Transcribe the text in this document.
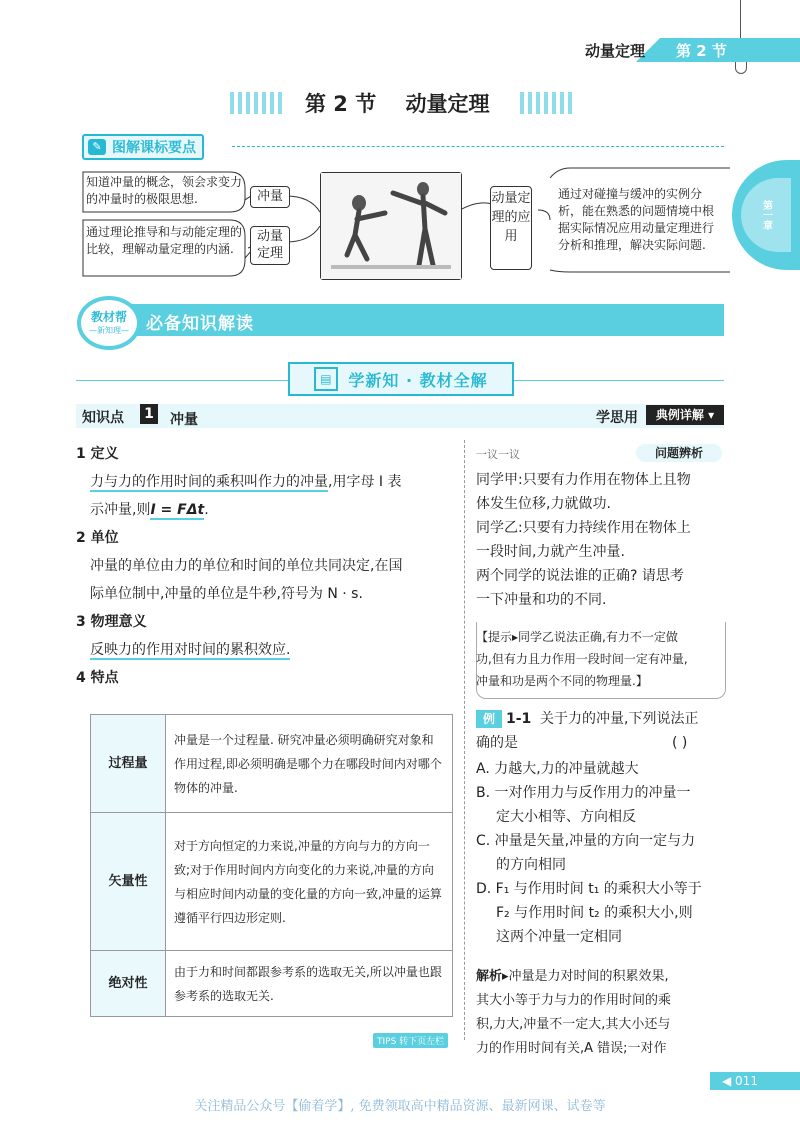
动量定理 第 2 节
第 2 节 动量定理
✎ 图解课标要点
知道冲量的概念，领会求变力的冲量时的极限思想.
通过理论推导和与动能定理的比较，理解动量定理的内涵.
冲量
动量定理
动量定理的应用
通过对碰撞与缓冲的实例分析，能在熟悉的问题情境中根据实际情况应用动量定理进行分析和推理，解决实际问题.
第一章
必备知识解读
教材帮
—新知理—
▤ 学新知 · 教材全解
知识点 1 冲量	学思用	典例详解 ▾
1 定义
力与力的作用时间的乘积叫作力的冲量,用字母 I 表
示冲量,则I = FΔt.
2 单位
冲量的单位由力的单位和时间的单位共同决定,在国
际单位制中,冲量的单位是牛秒,符号为 N · s.
3 物理意义
反映力的作用对时间的累积效应.
4 特点
过程量	冲量是一个过程量. 研究冲量必须明确研究对象和作用过程,即必须明确是哪个力在哪段时间内对哪个物体的冲量.
矢量性	对于方向恒定的力来说,冲量的方向与力的方向一致;对于作用时间内方向变化的力来说,冲量的方向与相应时间内动量的变化量的方向一致,冲量的运算遵循平行四边形定则.
绝对性	由于力和时间都跟参考系的选取无关,所以冲量也跟参考系的选取无关.
TIPS 转下页左栏
一议一议	问题辨析
同学甲:只要有力作用在物体上且物
体发生位移,力就做功.
同学乙:只要有力持续作用在物体上
一段时间,力就产生冲量.
两个同学的说法谁的正确? 请思考
一下冲量和功的不同.
【提示▸同学乙说法正确,有力不一定做
功,但有力且力作用一段时间一定有冲量,
冲量和功是两个不同的物理量.】
例 1-1 关于力的冲量,下列说法正
确的是	( )
A. 力越大,力的冲量就越大
B. 一对作用力与反作用力的冲量一
定大小相等、方向相反
C. 冲量是矢量,冲量的方向一定与力
的方向相同
D. F₁ 与作用时间 t₁ 的乘积大小等于
F₂ 与作用时间 t₂ 的乘积大小,则
这两个冲量一定相同
解析▸冲量是力对时间的积累效果,
其大小等于力与力的作用时间的乘
积,力大,冲量不一定大,其大小还与
力的作用时间有关,A 错误;一对作
◀ 011
关注精品公众号【偷着学】, 免费领取高中精品资源、最新网课、试卷等
